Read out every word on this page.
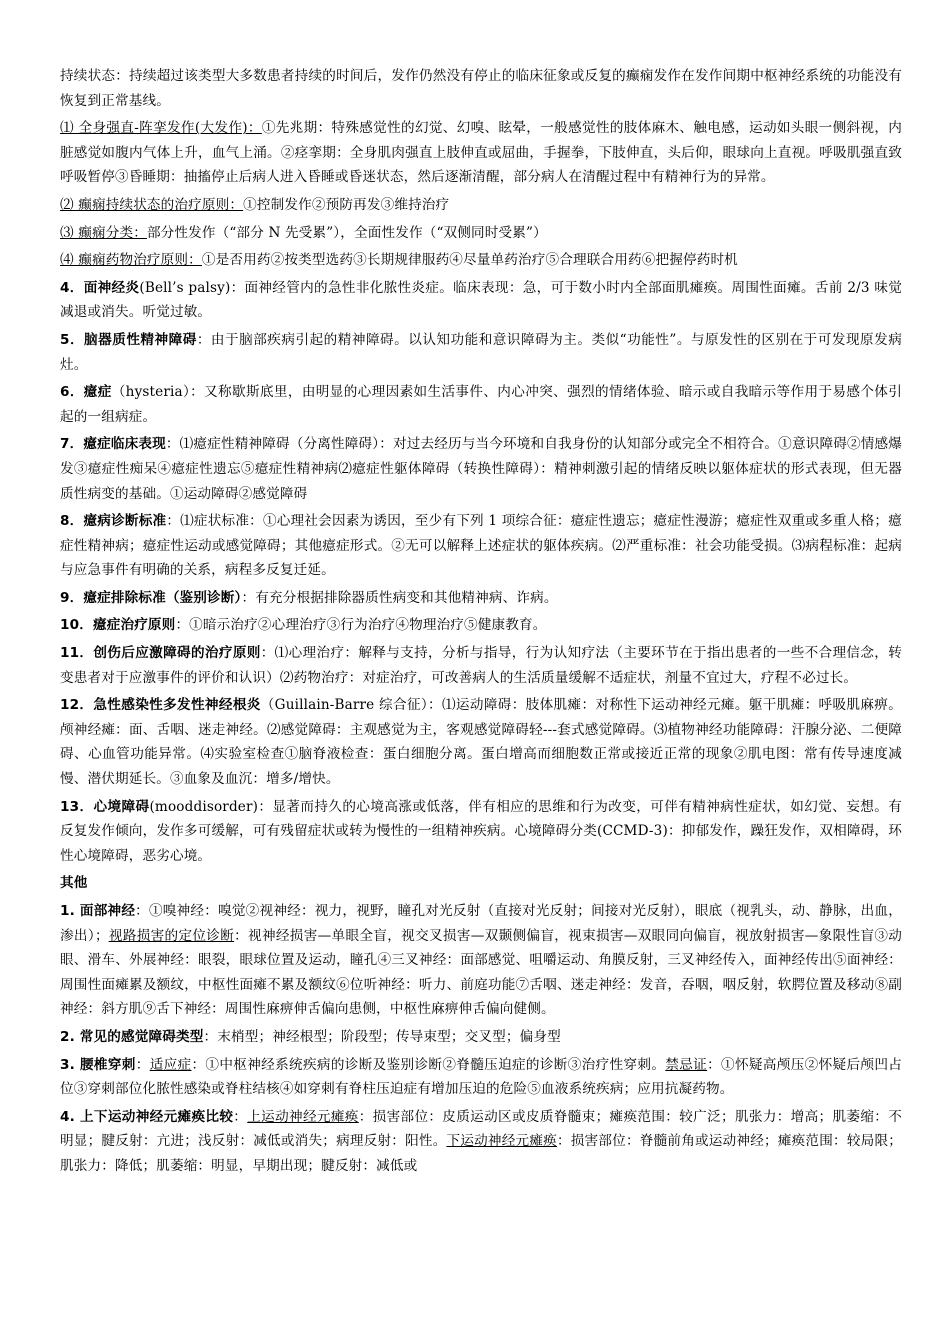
持续状态：持续超过该类型大多数患者持续的时间后，发作仍然没有停止的临床征象或反复的癫痫发作在发作间期中枢神经系统的功能没有恢复到正常基线。

⑴ 全身强直-阵挛发作(大发作)：①先兆期：特殊感觉性的幻觉、幻嗅、眩晕，一般感觉性的肢体麻木、触电感，运动如头眼一侧斜视，内脏感觉如腹内气体上升，血气上涌。②痉挛期：全身肌肉强直上肢伸直或屈曲，手握拳，下肢伸直，头后仰，眼球向上直视。呼吸肌强直致呼吸暂停③昏睡期：抽搐停止后病人进入昏睡或昏迷状态，然后逐渐清醒，部分病人在清醒过程中有精神行为的异常。

⑵ 癫痫持续状态的治疗原则：①控制发作②预防再发③维持治疗

⑶ 癫痫分类：部分性发作（“部分 N 先受累”），全面性发作（“双侧同时受累”）

⑷ 癫痫药物治疗原则：①是否用药②按类型选药③长期规律服药④尽量单药治疗⑤合理联合用药⑥把握停药时机

4．面神经炎(Bell’s palsy)：面神经管内的急性非化脓性炎症。临床表现：急，可于数小时内全部面肌瘫痪。周围性面瘫。舌前 2/3 味觉减退或消失。听觉过敏。

5．脑器质性精神障碍：由于脑部疾病引起的精神障碍。以认知功能和意识障碍为主。类似“功能性”。与原发性的区别在于可发现原发病灶。

6．癔症（hysteria）：又称歇斯底里，由明显的心理因素如生活事件、内心冲突、强烈的情绪体验、暗示或自我暗示等作用于易感个体引起的一组病症。

7．癔症临床表现：⑴癔症性精神障碍（分离性障碍）：对过去经历与当今环境和自我身份的认知部分或完全不相符合。①意识障碍②情感爆发③癔症性痴呆④癔症性遗忘⑤癔症性精神病⑵癔症性躯体障碍（转换性障碍）：精神刺激引起的情绪反映以躯体症状的形式表现，但无器质性病变的基础。①运动障碍②感觉障碍

8．癔病诊断标准：⑴症状标准：①心理社会因素为诱因，至少有下列 1 项综合征：癔症性遗忘；癔症性漫游；癔症性双重或多重人格；癔症性精神病；癔症性运动或感觉障碍；其他癔症形式。②无可以解释上述症状的躯体疾病。⑵严重标准：社会功能受损。⑶病程标准：起病与应急事件有明确的关系，病程多反复迁延。

9．癔症排除标准（鉴别诊断）：有充分根据排除器质性病变和其他精神病、诈病。

10．癔症治疗原则：①暗示治疗②心理治疗③行为治疗④物理治疗⑤健康教育。

11．创伤后应激障碍的治疗原则：⑴心理治疗：解释与支持，分析与指导，行为认知疗法（主要环节在于指出患者的一些不合理信念，转变患者对于应激事件的评价和认识）⑵药物治疗：对症治疗，可改善病人的生活质量缓解不适症状，剂量不宜过大，疗程不必过长。

12．急性感染性多发性神经根炎（Guillain-Barre 综合征）：⑴运动障碍：肢体肌瘫：对称性下运动神经元瘫。躯干肌瘫：呼吸肌麻痹。颅神经瘫：面、舌咽、迷走神经。⑵感觉障碍：主观感觉为主，客观感觉障碍轻---套式感觉障碍。⑶植物神经功能障碍：汗腺分泌、二便障碍、心血管功能异常。⑷实验室检查①脑脊液检查：蛋白细胞分离。蛋白增高而细胞数正常或接近正常的现象②肌电图：常有传导速度减慢、潜伏期延长。③血象及血沉：增多/增快。

13．心境障碍(mooddisorder)：显著而持久的心境高涨或低落，伴有相应的思维和行为改变，可伴有精神病性症状，如幻觉、妄想。有反复发作倾向，发作多可缓解，可有残留症状或转为慢性的一组精神疾病。心境障碍分类(CCMD-3)：抑郁发作，躁狂发作，双相障碍，环性心境障碍，恶劣心境。

其他

1. 面部神经：①嗅神经：嗅觉②视神经：视力，视野，瞳孔对光反射（直接对光反射；间接对光反射），眼底（视乳头，动、静脉，出血，渗出）；视路损害的定位诊断：视神经损害—单眼全盲，视交叉损害—双颞侧偏盲，视束损害—双眼同向偏盲，视放射损害—象限性盲③动眼、滑车、外展神经：眼裂，眼球位置及运动，瞳孔④三叉神经：面部感觉、咀嚼运动、角膜反射，三叉神经传入，面神经传出⑤面神经：周围性面瘫累及额纹，中枢性面瘫不累及额纹⑥位听神经：听力、前庭功能⑦舌咽、迷走神经：发音，吞咽，咽反射，软腭位置及移动⑧副神经：斜方肌⑨舌下神经：周围性麻痹伸舌偏向患侧，中枢性麻痹伸舌偏向健侧。

2. 常见的感觉障碍类型：末梢型；神经根型；阶段型；传导束型；交叉型；偏身型

3. 腰椎穿刺：适应症：①中枢神经系统疾病的诊断及鉴别诊断②脊髓压迫症的诊断③治疗性穿刺。禁忌证：①怀疑高颅压②怀疑后颅凹占位③穿刺部位化脓性感染或脊柱结核④如穿刺有脊柱压迫症有增加压迫的危险⑤血液系统疾病；应用抗凝药物。

4. 上下运动神经元瘫痪比较：上运动神经元瘫痪：损害部位：皮质运动区或皮质脊髓束；瘫痪范围：较广泛；肌张力：增高；肌萎缩：不明显；腱反射：亢进；浅反射：减低或消失；病理反射：阳性。下运动神经元瘫痪：损害部位：脊髓前角或运动神经；瘫痪范围：较局限；肌张力：降低；肌萎缩：明显，早期出现；腱反射：减低或
